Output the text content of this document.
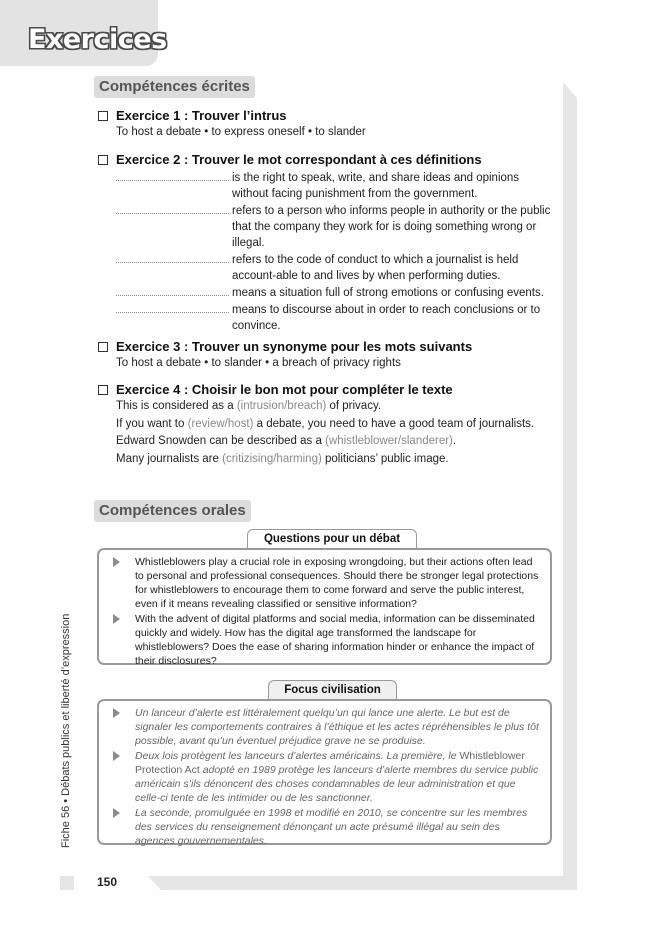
Exercices
150
Fiche 56 • Débats publics et liberté d’expression
Compétences écrites
Exercice 1 : Trouver l’intrus
To host a debate • to express oneself • to slander
Exercice 2 : Trouver le mot correspondant à ces définitions
is the right to speak, write, and share ideas and opinions without facing punishment from the government.
refers to a person who informs people in authority or the public that the company they work for is doing something wrong or illegal.
refers to the code of conduct to which a journalist is held account-able to and lives by when performing duties.
means a situation full of strong emotions or confusing events.
means to discourse about in order to reach conclusions or to convince.
Exercice 3 : Trouver un synonyme pour les mots suivants
To host a debate • to slander • a breach of privacy rights
Exercice 4 : Choisir le bon mot pour compléter le texte
This is considered as a (intrusion/breach) of privacy.
If you want to (review/host) a debate, you need to have a good team of journalists.
Edward Snowden can be described as a (whistleblower/slanderer).
Many journalists are (critizising/harming) politicians’ public image.
Compétences orales
Questions pour un débat
Whistleblowers play a crucial role in exposing wrongdoing, but their actions often lead to personal and professional consequences. Should there be stronger legal protections for whistleblowers to encourage them to come forward and serve the public interest, even if it means revealing classified or sensitive information?
With the advent of digital platforms and social media, information can be disseminated quickly and widely. How has the digital age transformed the landscape for whistleblowers? Does the ease of sharing information hinder or enhance the impact of their disclosures?
Focus civilisation
Un lanceur d’alerte est littéralement quelqu’un qui lance une alerte. Le but est de signaler les comportements contraires à l’éthique et les actes répréhensibles le plus tôt possible, avant qu’un éventuel préjudice grave ne se produise.
Deux lois protègent les lanceurs d’alertes américains. La première, le Whistleblower Protection Act adopté en 1989 protège les lanceurs d’alerte membres du service public américain s’ils dénoncent des choses condamnables de leur administration et que celle-ci tente de les intimider ou de les sanctionner.
La seconde, promulguée en 1998 et modifié en 2010, se concentre sur les membres des services du renseignement dénonçant un acte présumé illégal au sein des agences gouvernementales.
